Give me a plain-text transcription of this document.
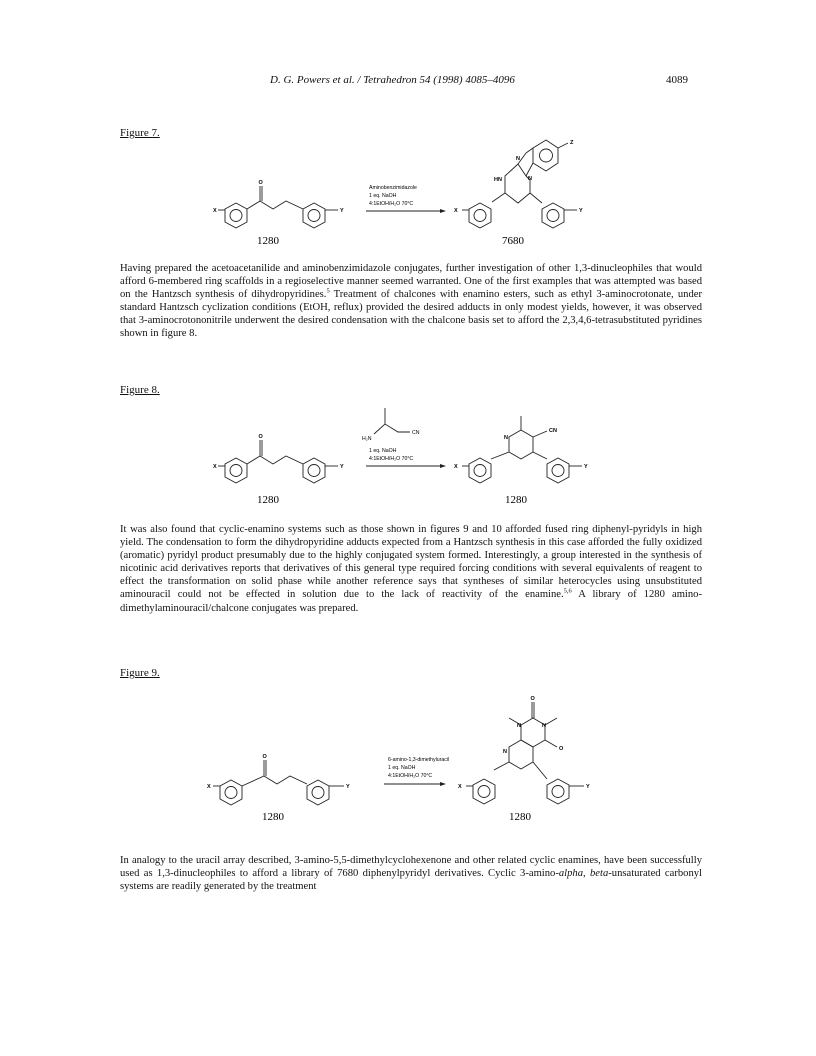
D. G. Powers et al. / Tetrahedron 54 (1998) 4085–4096	4089
Figure 7.
O
X	Y
1280
Aminobenzimidazole
1 eq. NaOH
4:1EtOH/H₂O 70°C
N
N
HN
Z
X	Y
7680

Having prepared the acetoacetanilide and aminobenzimidazole conjugates, further investigation of other 1,3-dinucleophiles that would afford 6-membered ring scaffolds in a regioselective manner seemed warranted. One of the first examples that was attempted was based on the Hantzsch synthesis of dihydropyridines.$^5$ Treatment of chalcones with enamino esters, such as ethyl 3-aminocrotonate, under standard Hantzsch cyclization conditions (EtOH, reflux) provided the desired adducts in only modest yields, however, it was observed that 3-aminocrotononitrile underwent the desired condensation with the chalcone basis set to afford the 2,3,4,6-tetrasubstituted pyridines shown in figure 8.

Figure 8.
O
X	Y
1280
CN
H₂N
1 eq. NaOH
4:1EtOH/H₂O 70°C
N
CN
X	Y
1280

It was also found that cyclic-enamino systems such as those shown in figures 9 and 10 afforded fused ring diphenyl-pyridyls in high yield. The condensation to form the dihydropyridine adducts expected from a Hantzsch synthesis in this case afforded the fully oxidized (aromatic) pyridyl product presumably due to the highly conjugated system formed. Interestingly, a group interested in the synthesis of nicotinic acid derivatives reports that derivatives of this general type required forcing conditions with several equivalents of reagent to effect the transformation on solid phase while another reference says that syntheses of similar heterocycles using unsubstituted aminouracil could not be effected in solution due to the lack of reactivity of the enamine.$^{5,6}$ A library of 1280 amino-dimethylaminouracil/chalcone conjugates was prepared.

Figure 9.
O
X	Y
1280
6-amino-1,3-dimethyluracil
1 eq. NaOH
4:1EtOH/H₂O 70°C
O
N	N
O
N
X	Y
1280

In analogy to the uracil array described, 3-amino-5,5-dimethylcyclohexenone and other related cyclic enamines, have been successfully used as 1,3-dinucleophiles to afford a library of 7680 diphenylpyridyl derivatives. Cyclic 3-amino-alpha, beta-unsaturated carbonyl systems are readily generated by the treatment
